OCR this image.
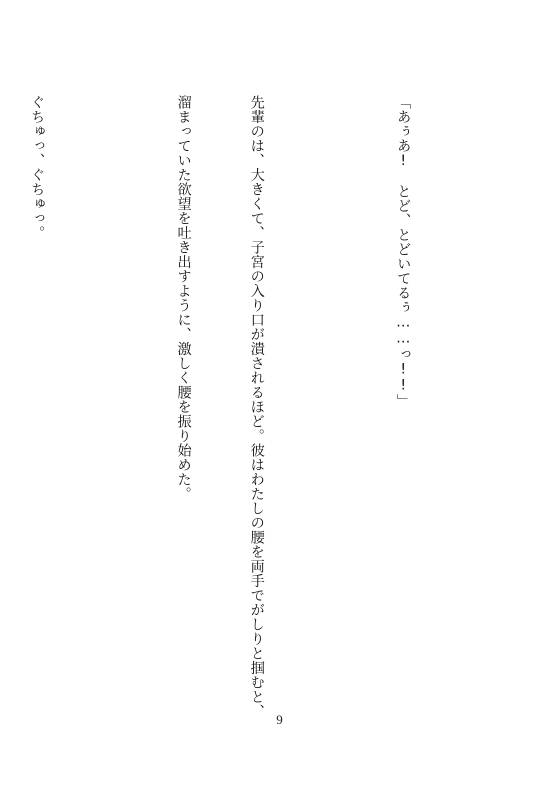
「あぅあ!　とど、とどいてるぅ……っ!!」

先輩のは、大きくて、子宮の入り口が潰されるほど。彼はわたしの腰を両手でがしりと掴むと、

溜まっていた欲望を吐き出すように、激しく腰を振り始めた。

ぐちゅっ、ぐちゅっ。

9
